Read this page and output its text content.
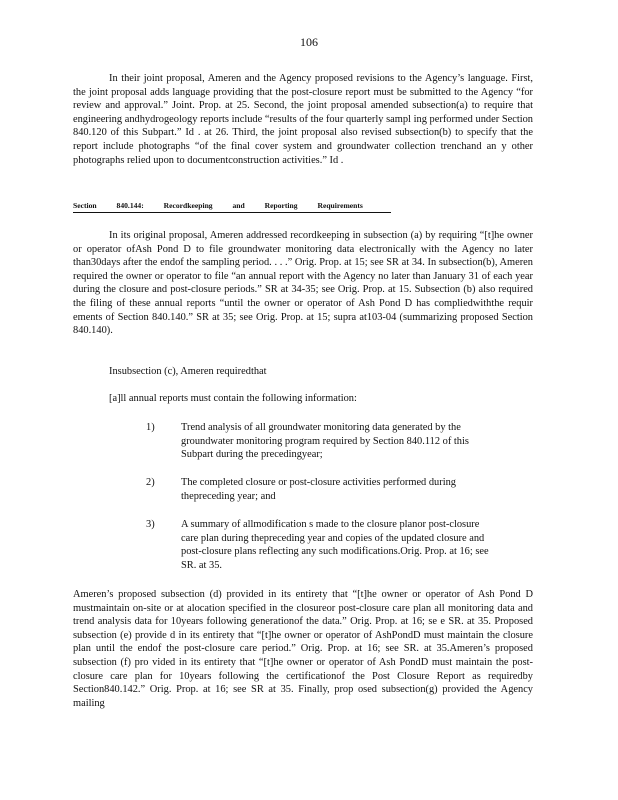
106
In their joint proposal, Ameren and the Agency proposed revisions to the Agency’s language. First, the joint proposal adds language providing that the post-closure report must be submitted to the Agency “for review and approval.” Joint. Prop. at 25. Second, the joint proposal amended subsection(a) to require that engineering andhydrogeology reports include “results of the four quarterly sampl ing performed under Section 840.120 of this Subpart.” Id . at 26. Third, the joint proposal also revised subsection(b) to specify that the report include photographs “of the final cover system and groundwater collection trenchand an y other photographs relied upon to documentconstruction activities.” Id .
Section	840.144:	Recordkeeping	and	Reporting	Requirements
In its original proposal, Ameren addressed recordkeeping in subsection (a) by requiring “[t]he owner or operator ofAsh Pond D to file groundwater monitoring data electronically with the Agency no later than30days after the endof the sampling period. . . .” Orig. Prop. at 15; see SR at 34. In subsection(b), Ameren required the owner or operator to file “an annual report with the Agency no later than January 31 of each year during the closure and post-closure periods.” SR at 34-35; see Orig. Prop. at 15. Subsection (b) also required the filing of these annual reports “until the owner or operator of Ash Pond D has compliedwiththe requir ements of Section 840.140.” SR at 35; see Orig. Prop. at 15; supra at103-04 (summarizing proposed Section 840.140).
Insubsection (c), Ameren requiredthat
[a]ll annual reports must contain the following information:
1)	Trend analysis of all groundwater monitoring data generated by the groundwater monitoring program required by Section 840.112 of this Subpart during the precedingyear;
2)	The completed closure or post-closure activities performed during thepreceding year; and
3)	A summary of allmodification s made to the closure planor post-closure care plan during thepreceding year and copies of the updated closure and post-closure plans reflecting any such modifications.Orig. Prop. at 16; see SR. at 35.
Ameren’s proposed subsection (d) provided in its entirety that “[t]he owner or operator of Ash Pond D mustmaintain on-site or at alocation specified in the closureor post-closure care plan all monitoring data and trend analysis data for 10years following generationof the data.” Orig. Prop. at 16; se e SR. at 35. Proposed subsection (e) provide d in its entirety that “[t]he owner or operator of AshPondD must maintain the closure plan until the endof the post-closure care period.” Orig. Prop. at 16; see SR. at 35.Ameren’s proposed subsection (f) pro vided in its entirety that “[t]he owner or operator of Ash PondD must maintain the post-closure care plan for 10years following the certificationof the Post Closure Report as requiredby Section840.142.” Orig. Prop. at 16; see SR at 35. Finally, prop osed subsection(g) provided the Agency mailing
